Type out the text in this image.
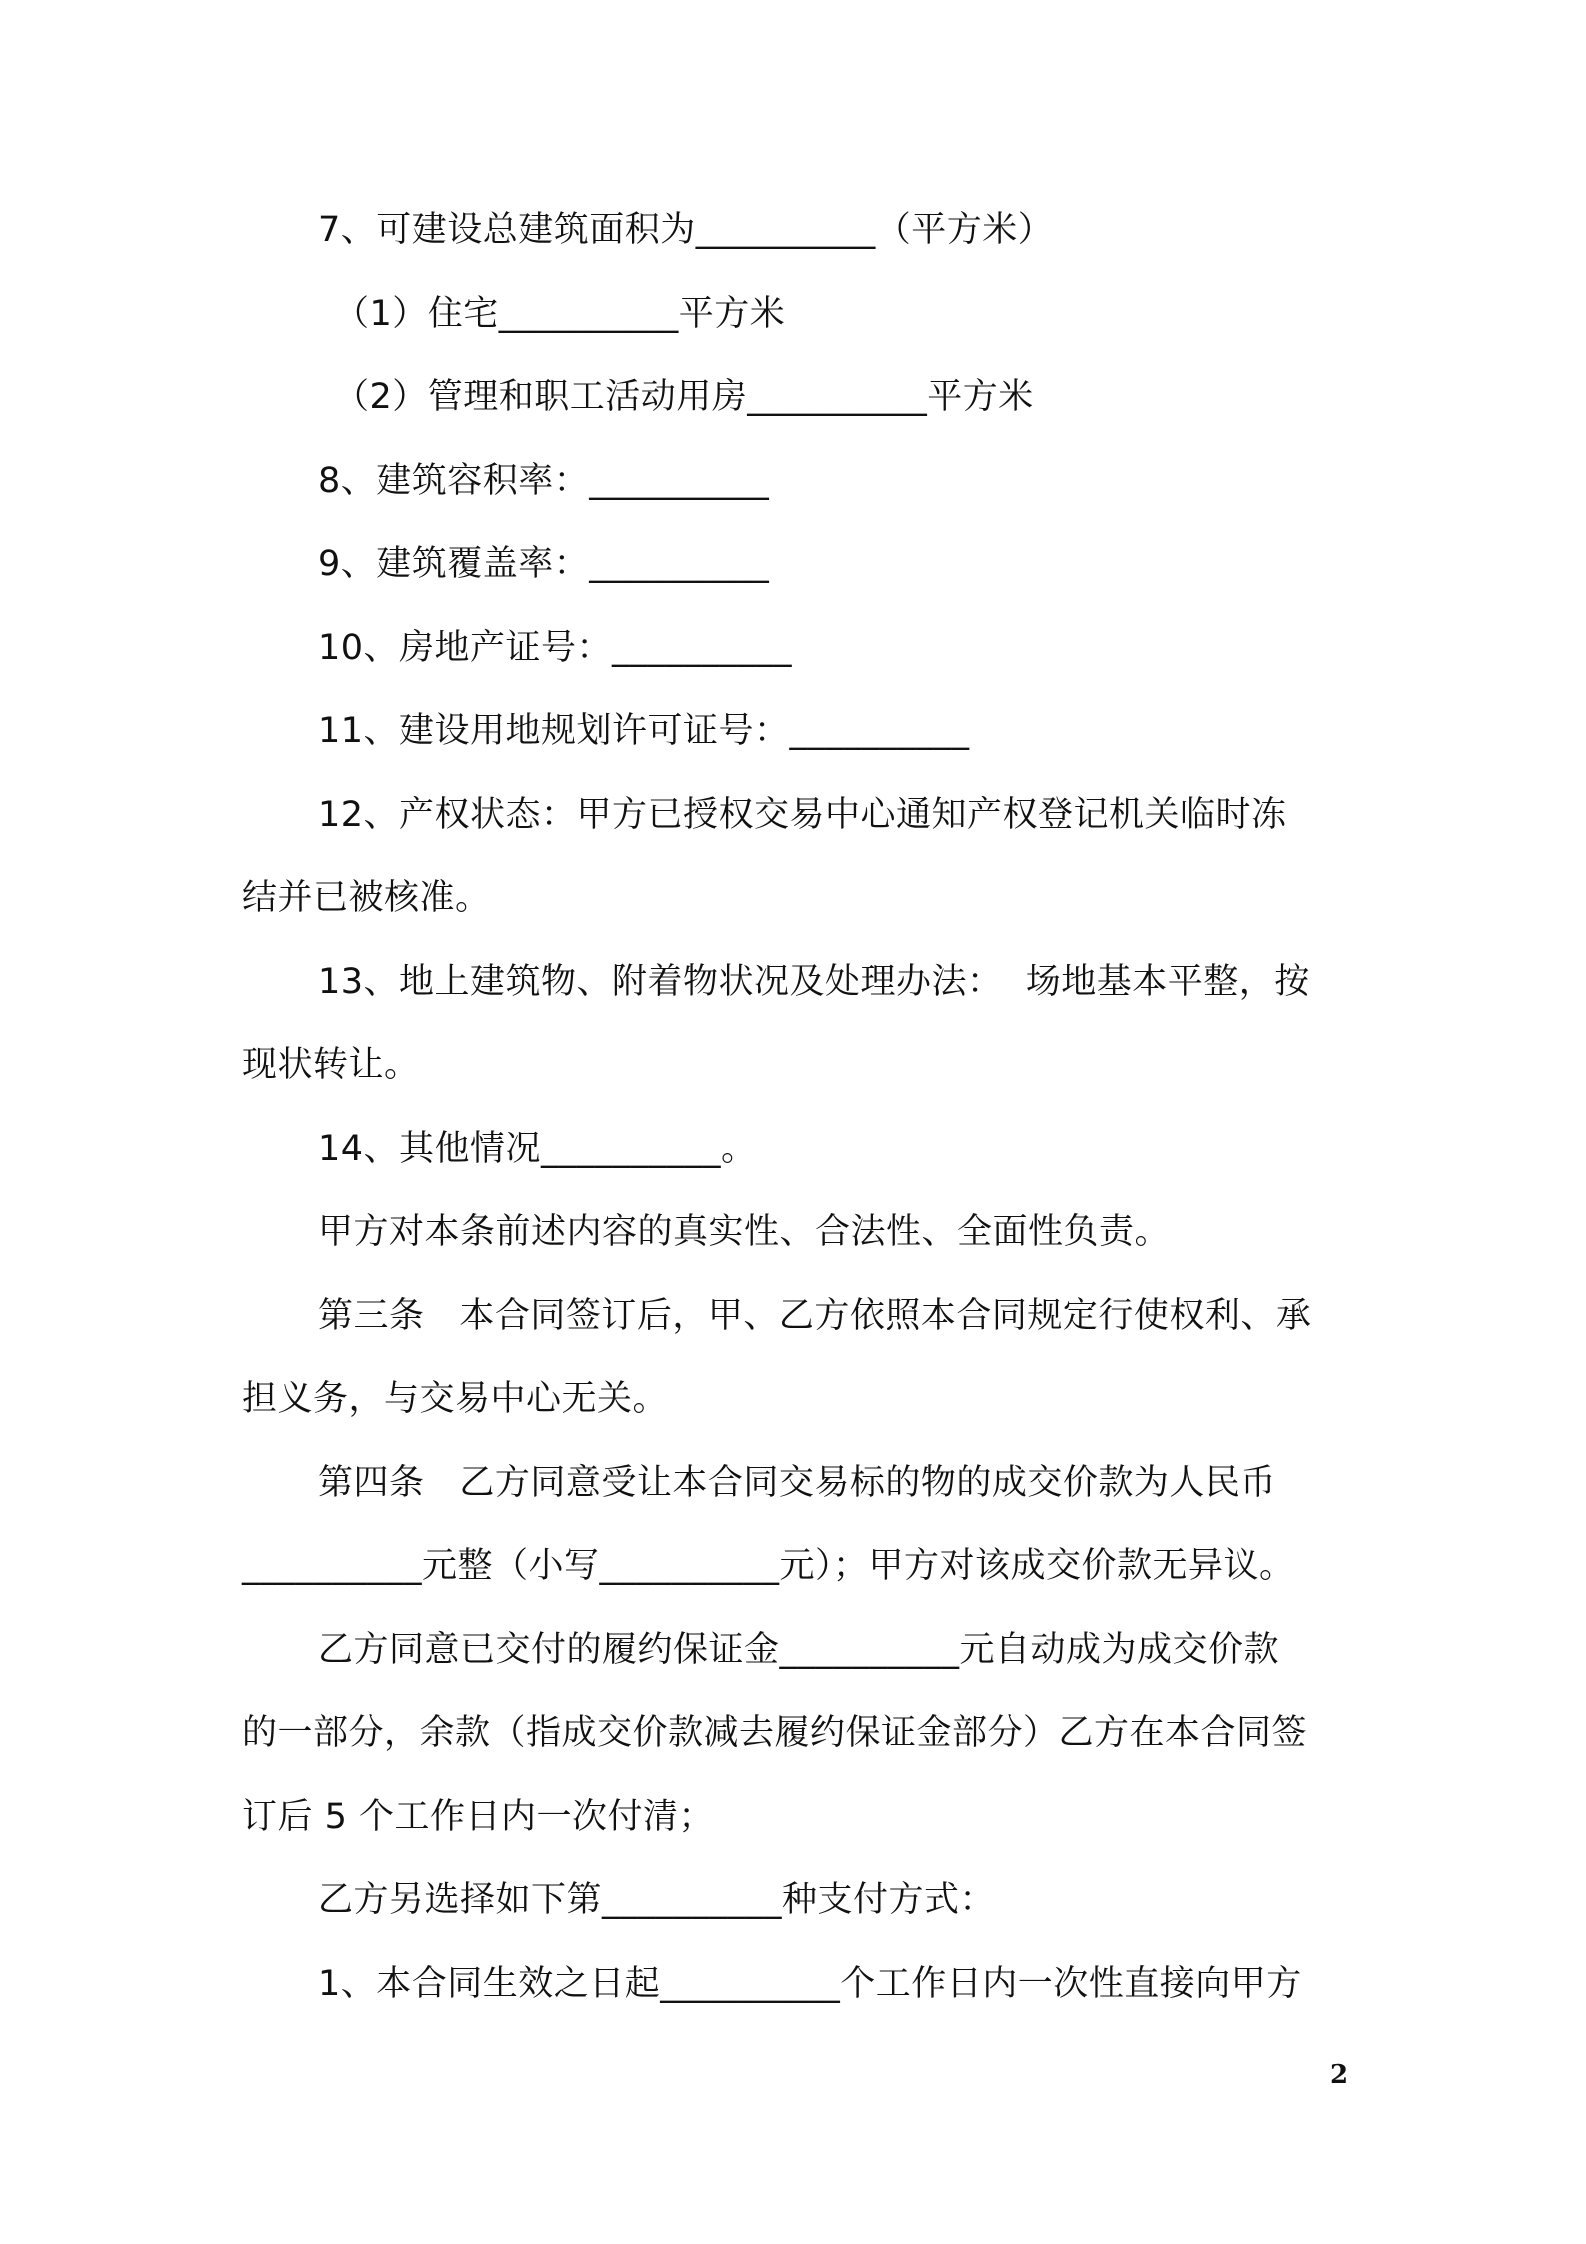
7、可建设总建筑面积为__________（平方米）
（1）住宅__________平方米
（2）管理和职工活动用房__________平方米
8、建筑容积率：__________
9、建筑覆盖率：__________
10、房地产证号：__________
11、建设用地规划许可证号：__________
12、产权状态：甲方已授权交易中心通知产权登记机关临时冻
结并已被核准。
13、地上建筑物、附着物状况及处理办法：  场地基本平整，按
现状转让。
14、其他情况__________。
甲方对本条前述内容的真实性、合法性、全面性负责。
第三条   本合同签订后，甲、乙方依照本合同规定行使权利、承
担义务，与交易中心无关。
第四条   乙方同意受让本合同交易标的物的成交价款为人民币
__________元整（小写__________元）；甲方对该成交价款无异议。
乙方同意已交付的履约保证金__________元自动成为成交价款
的一部分，余款（指成交价款减去履约保证金部分）乙方在本合同签
订后 5 个工作日内一次付清；
乙方另选择如下第__________种支付方式：
1、本合同生效之日起__________个工作日内一次性直接向甲方
2
